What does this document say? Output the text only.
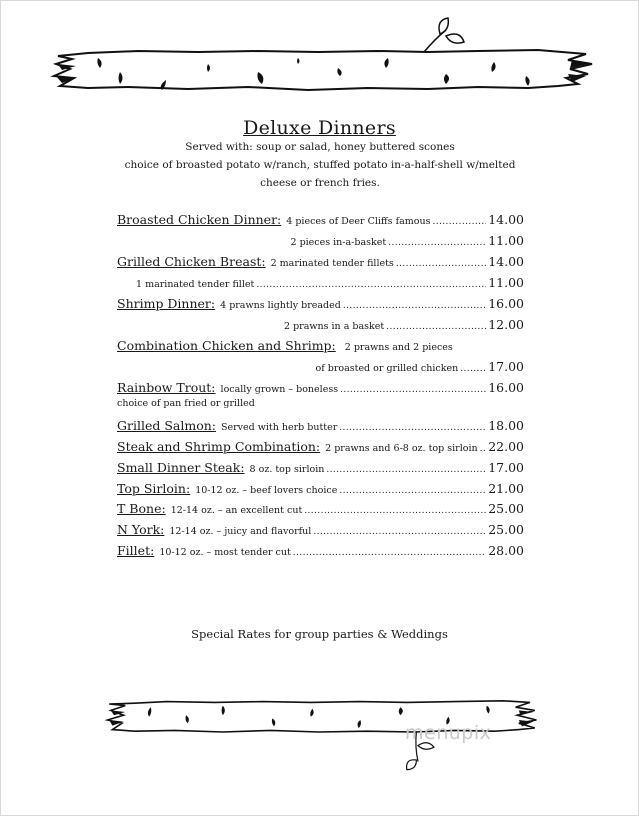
Deluxe Dinners
Served with: soup or salad, honey buttered scones
choice of broasted potato w/ranch, stuffed potato in-a-half-shell w/melted
cheese or french fries.
Broasted Chicken Dinner: 4 pieces of Deer Cliffs famous .....	14.00
2 pieces in-a-basket .....	11.00
Grilled Chicken Breast: 2 marinated tender fillets .....	14.00
1 marinated tender fillet .....	11.00
Shrimp Dinner: 4 prawns lightly breaded .....	16.00
2 prawns in a basket .....	12.00
Combination Chicken and Shrimp: 2 prawns and 2 pieces
of broasted or grilled chicken ..... 17.00
Rainbow Trout: locally grown – boneless .....	16.00
choice of pan fried or grilled
Grilled Salmon: Served with herb butter .....	18.00
Steak and Shrimp Combination: 2 prawns and 6-8 oz. top sirloin ..... 22.00
Small Dinner Steak: 8 oz. top sirloin .....	17.00
Top Sirloin: 10-12 oz. – beef lovers choice .....	21.00
T Bone: 12-14 oz. – an excellent cut .....	25.00
N York: 12-14 oz. – juicy and flavorful .....	25.00
Fillet: 10-12 oz. – most tender cut .....	28.00
Special Rates for group parties & Weddings
menupix
